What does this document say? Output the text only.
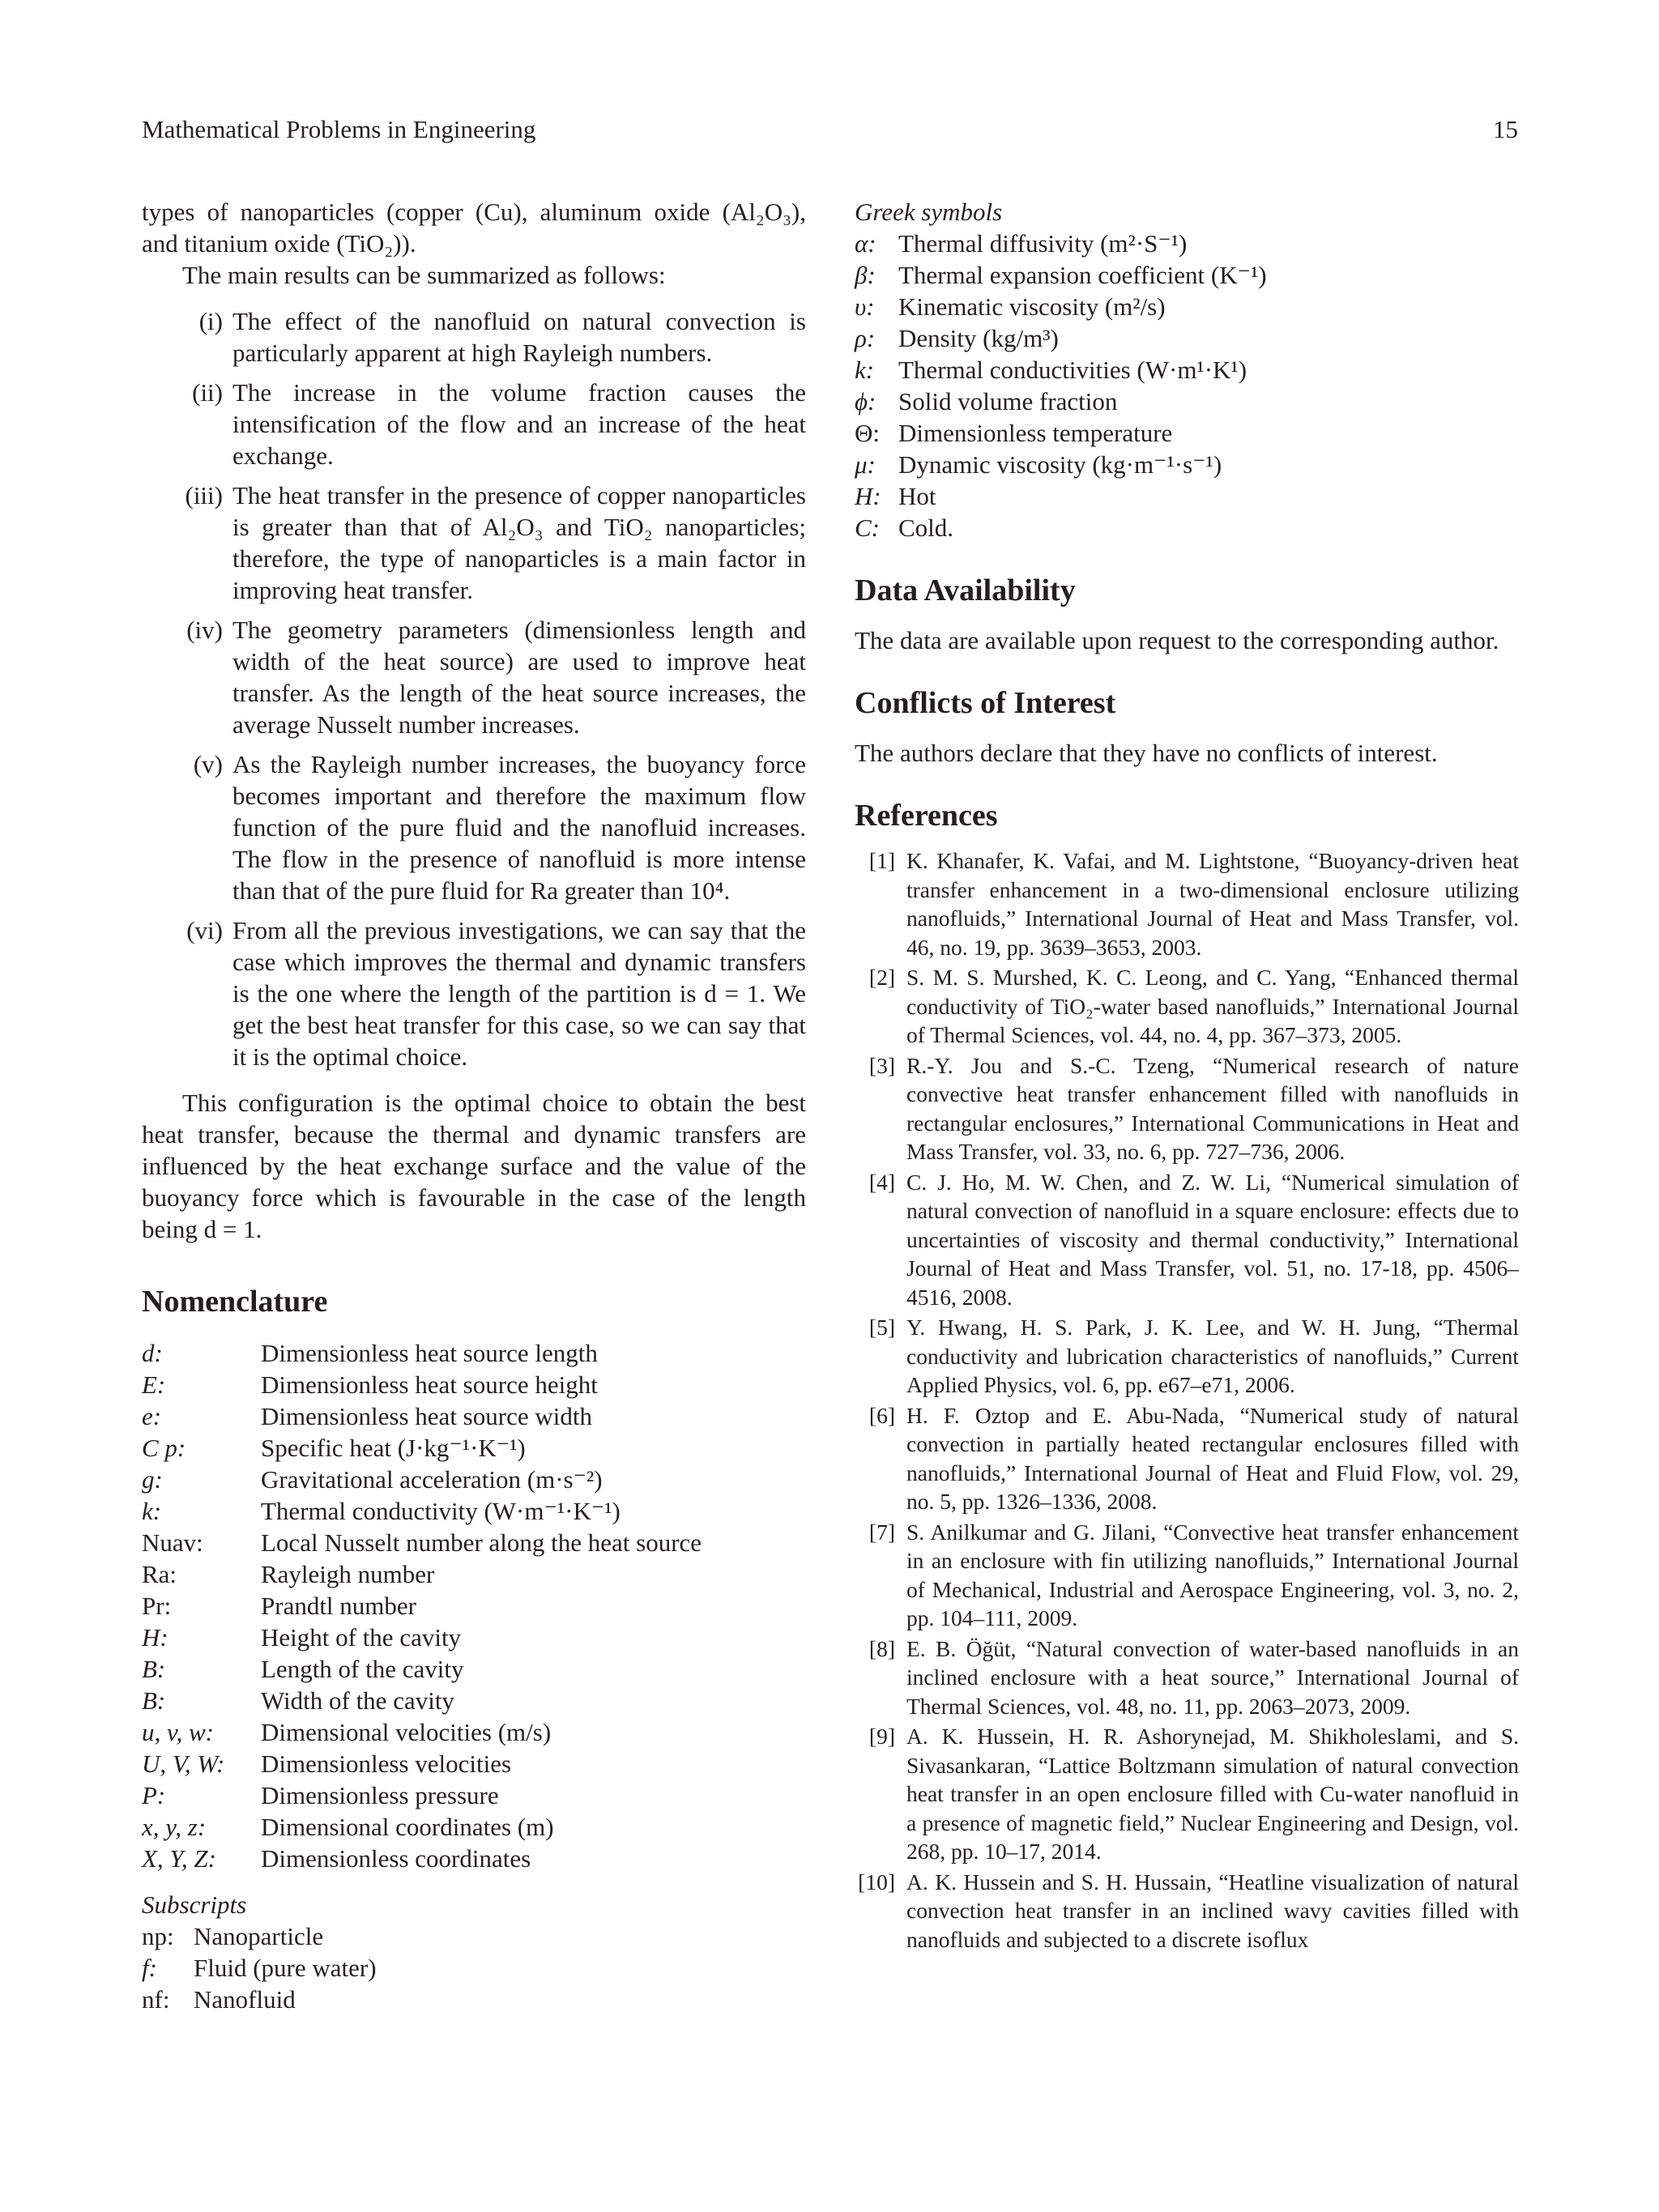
Mathematical Problems in Engineering	15

types of nanoparticles (copper (Cu), aluminum oxide (Al₂O₃), and titanium oxide (TiO₂)).

The main results can be summarized as follows:

(i) The effect of the nanofluid on natural convection is particularly apparent at high Rayleigh numbers.
(ii) The increase in the volume fraction causes the intensification of the flow and an increase of the heat exchange.
(iii) The heat transfer in the presence of copper nanoparticles is greater than that of Al₂O₃ and TiO₂ nanoparticles; therefore, the type of nanoparticles is a main factor in improving heat transfer.
(iv) The geometry parameters (dimensionless length and width of the heat source) are used to improve heat transfer. As the length of the heat source increases, the average Nusselt number increases.
(v) As the Rayleigh number increases, the buoyancy force becomes important and therefore the maximum flow function of the pure fluid and the nanofluid increases. The flow in the presence of nanofluid is more intense than that of the pure fluid for Ra greater than 10⁴.
(vi) From all the previous investigations, we can say that the case which improves the thermal and dynamic transfers is the one where the length of the partition is d = 1. We get the best heat transfer for this case, so we can say that it is the optimal choice.

This configuration is the optimal choice to obtain the best heat transfer, because the thermal and dynamic transfers are influenced by the heat exchange surface and the value of the buoyancy force which is favourable in the case of the length being d = 1.

Nomenclature
d:	Dimensionless heat source length
E:	Dimensionless heat source height
e:	Dimensionless heat source width
C p:	Specific heat (J·kg⁻¹·K⁻¹)
g:	Gravitational acceleration (m·s⁻²)
k:	Thermal conductivity (W·m⁻¹·K⁻¹)
Nuav:	Local Nusselt number along the heat source
Ra:	Rayleigh number
Pr:	Prandtl number
H:	Height of the cavity
B:	Length of the cavity
B:	Width of the cavity
u, v, w:	Dimensional velocities (m/s)
U, V, W:	Dimensionless velocities
P:	Dimensionless pressure
x, y, z:	Dimensional coordinates (m)
X, Y, Z:	Dimensionless coordinates
Subscripts
np: Nanoparticle
f:	Fluid (pure water)
nf: Nanofluid
Greek symbols
α: Thermal diffusivity (m²·S⁻¹)
β: Thermal expansion coefficient (K⁻¹)
υ: Kinematic viscosity (m²/s)
ρ: Density (kg/m³)
k: Thermal conductivities (W·m¹·K¹)
ϕ: Solid volume fraction
Θ: Dimensionless temperature
μ: Dynamic viscosity (kg·m⁻¹·s⁻¹)
H: Hot
C: Cold.
Data Availability

The data are available upon request to the corresponding author.

Conflicts of Interest

The authors declare that they have no conflicts of interest.

References
[1] K. Khanafer, K. Vafai, and M. Lightstone, “Buoyancy-driven heat transfer enhancement in a two-dimensional enclosure utilizing nanofluids,” International Journal of Heat and Mass Transfer, vol. 46, no. 19, pp. 3639–3653, 2003.
[2] S. M. S. Murshed, K. C. Leong, and C. Yang, “Enhanced thermal conductivity of TiO₂-water based nanofluids,” International Journal of Thermal Sciences, vol. 44, no. 4, pp. 367–373, 2005.
[3] R.-Y. Jou and S.-C. Tzeng, “Numerical research of nature convective heat transfer enhancement filled with nanofluids in rectangular enclosures,” International Communications in Heat and Mass Transfer, vol. 33, no. 6, pp. 727–736, 2006.
[4] C. J. Ho, M. W. Chen, and Z. W. Li, “Numerical simulation of natural convection of nanofluid in a square enclosure: effects due to uncertainties of viscosity and thermal conductivity,” International Journal of Heat and Mass Transfer, vol. 51, no. 17-18, pp. 4506–4516, 2008.
[5] Y. Hwang, H. S. Park, J. K. Lee, and W. H. Jung, “Thermal conductivity and lubrication characteristics of nanofluids,” Current Applied Physics, vol. 6, pp. e67–e71, 2006.
[6] H. F. Oztop and E. Abu-Nada, “Numerical study of natural convection in partially heated rectangular enclosures filled with nanofluids,” International Journal of Heat and Fluid Flow, vol. 29, no. 5, pp. 1326–1336, 2008.
[7] S. Anilkumar and G. Jilani, “Convective heat transfer enhancement in an enclosure with fin utilizing nanofluids,” International Journal of Mechanical, Industrial and Aerospace Engineering, vol. 3, no. 2, pp. 104–111, 2009.
[8] E. B. Öğüt, “Natural convection of water-based nanofluids in an inclined enclosure with a heat source,” International Journal of Thermal Sciences, vol. 48, no. 11, pp. 2063–2073, 2009.
[9] A. K. Hussein, H. R. Ashorynejad, M. Shikholeslami, and S. Sivasankaran, “Lattice Boltzmann simulation of natural convection heat transfer in an open enclosure filled with Cu-water nanofluid in a presence of magnetic field,” Nuclear Engineering and Design, vol. 268, pp. 10–17, 2014.
[10] A. K. Hussein and S. H. Hussain, “Heatline visualization of natural convection heat transfer in an inclined wavy cavities filled with nanofluids and subjected to a discrete isoflux
